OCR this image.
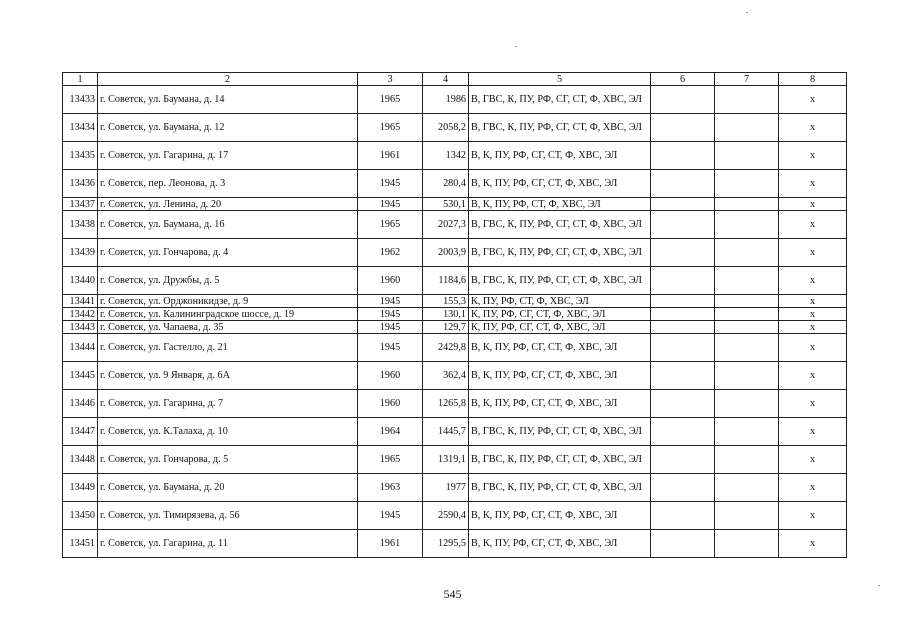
1	2	3	4	5	6	7	8
13433	г. Советск, ул. Баумана, д. 14	1965	1986	В, ГВС, К, ПУ, РФ, СГ, СТ, Ф, ХВС, ЭЛ			х
13434	г. Советск, ул. Баумана, д. 12	1965	2058,2	В, ГВС, К, ПУ, РФ, СГ, СТ, Ф, ХВС, ЭЛ			х
13435	г. Советск, ул. Гагарина, д. 17	1961	1342	В, К, ПУ, РФ, СГ, СТ, Ф, ХВС, ЭЛ			х
13436	г. Советск, пер. Леонова, д. 3	1945	280,4	В, К, ПУ, РФ, СГ, СТ, Ф, ХВС, ЭЛ			х
13437	г. Советск, ул. Ленина, д. 20	1945	530,1	В, К, ПУ, РФ, СТ, Ф, ХВС, ЭЛ			х
13438	г. Советск, ул. Баумана, д. 16	1965	2027,3	В, ГВС, К, ПУ, РФ, СГ, СТ, Ф, ХВС, ЭЛ			х
13439	г. Советск, ул. Гончарова, д. 4	1962	2003,9	В, ГВС, К, ПУ, РФ, СГ, СТ, Ф, ХВС, ЭЛ			х
13440	г. Советск, ул. Дружбы, д. 5	1960	1184,6	В, ГВС, К, ПУ, РФ, СГ, СТ, Ф, ХВС, ЭЛ			х
13441	г. Советск, ул. Орджоникидзе, д. 9	1945	155,3	К, ПУ, РФ, СТ, Ф, ХВС, ЭЛ			х
13442	г. Советск, ул. Калининградское шоссе, д. 19	1945	130,1	К, ПУ, РФ, СГ, СТ, Ф, ХВС, ЭЛ			х
13443	г. Советск, ул. Чапаева, д. 35	1945	129,7	К, ПУ, РФ, СГ, СТ, Ф, ХВС, ЭЛ			х
13444	г. Советск, ул. Гастелло, д. 21	1945	2429,8	В, К, ПУ, РФ, СГ, СТ, Ф, ХВС, ЭЛ			х
13445	г. Советск, ул. 9 Января, д. 6А	1960	362,4	В, К, ПУ, РФ, СГ, СТ, Ф, ХВС, ЭЛ			х
13446	г. Советск, ул. Гагарина, д. 7	1960	1265,8	В, К, ПУ, РФ, СГ, СТ, Ф, ХВС, ЭЛ			х
13447	г. Советск, ул. К.Талаха, д. 10	1964	1445,7	В, ГВС, К, ПУ, РФ, СГ, СТ, Ф, ХВС, ЭЛ			х
13448	г. Советск, ул. Гончарова, д. 5	1965	1319,1	В, ГВС, К, ПУ, РФ, СГ, СТ, Ф, ХВС, ЭЛ			х
13449	г. Советск, ул. Баумана, д. 20	1963	1977	В, ГВС, К, ПУ, РФ, СГ, СТ, Ф, ХВС, ЭЛ			х
13450	г. Советск, ул. Тимирязева, д. 56	1945	2590,4	В, К, ПУ, РФ, СГ, СТ, Ф, ХВС, ЭЛ			х
13451	г. Советск, ул. Гагарина, д. 11	1961	1295,5	В, К, ПУ, РФ, СГ, СТ, Ф, ХВС, ЭЛ			х
545
